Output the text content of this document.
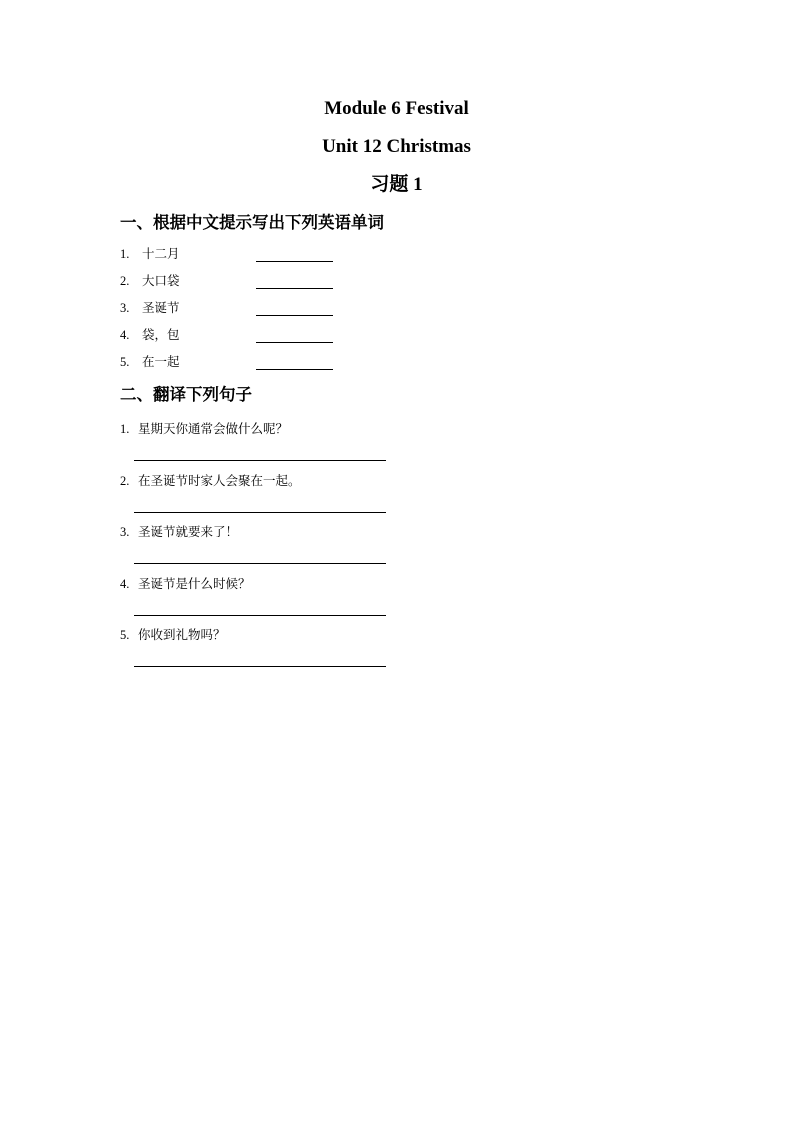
Module 6 Festival
Unit 12 Christmas
习题 1
一、根据中文提示写出下列英语单词
1. 十二月
2. 大口袋
3. 圣诞节
4. 袋，包
5. 在一起
二、翻译下列句子
1. 星期天你通常会做什么呢？
2. 在圣诞节时家人会聚在一起。
3. 圣诞节就要来了！
4. 圣诞节是什么时候？
5. 你收到礼物吗？
